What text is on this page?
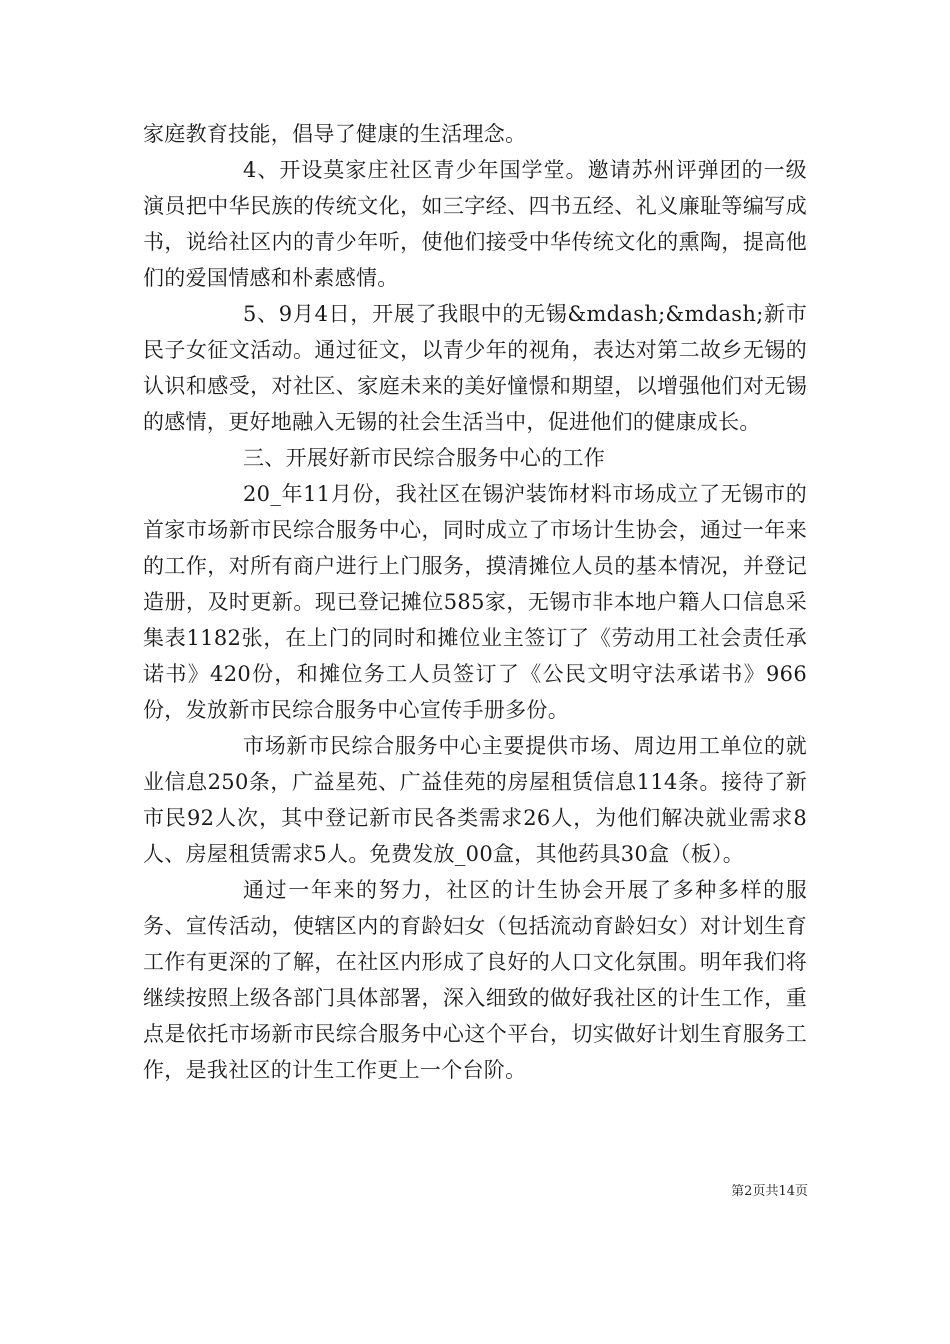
家庭教育技能，倡导了健康的生活理念。

4、开设莫家庄社区青少年国学堂。邀请苏州评弹团的一级演员把中华民族的传统文化，如三字经、四书五经、礼义廉耻等编写成书，说给社区内的青少年听，使他们接受中华传统文化的熏陶，提高他们的爱国情感和朴素感情。

5、9月4日，开展了我眼中的无锡&mdash;&mdash;新市民子女征文活动。通过征文，以青少年的视角，表达对第二故乡无锡的认识和感受，对社区、家庭未来的美好憧憬和期望，以增强他们对无锡的感情，更好地融入无锡的社会生活当中，促进他们的健康成长。

三、开展好新市民综合服务中心的工作

20_年11月份，我社区在锡沪装饰材料市场成立了无锡市的首家市场新市民综合服务中心，同时成立了市场计生协会，通过一年来的工作，对所有商户进行上门服务，摸清摊位人员的基本情况，并登记造册，及时更新。现已登记摊位585家，无锡市非本地户籍人口信息采集表1182张，在上门的同时和摊位业主签订了《劳动用工社会责任承诺书》420份，和摊位务工人员签订了《公民文明守法承诺书》966份，发放新市民综合服务中心宣传手册多份。

市场新市民综合服务中心主要提供市场、周边用工单位的就业信息250条，广益星苑、广益佳苑的房屋租赁信息114条。接待了新市民92人次，其中登记新市民各类需求26人，为他们解决就业需求8人、房屋租赁需求5人。免费发放_00盒，其他药具30盒（板）。

通过一年来的努力，社区的计生协会开展了多种多样的服务、宣传活动，使辖区内的育龄妇女（包括流动育龄妇女）对计划生育工作有更深的了解，在社区内形成了良好的人口文化氛围。明年我们将继续按照上级各部门具体部署，深入细致的做好我社区的计生工作，重点是依托市场新市民综合服务中心这个平台，切实做好计划生育服务工作，是我社区的计生工作更上一个台阶。

第2页共14页
